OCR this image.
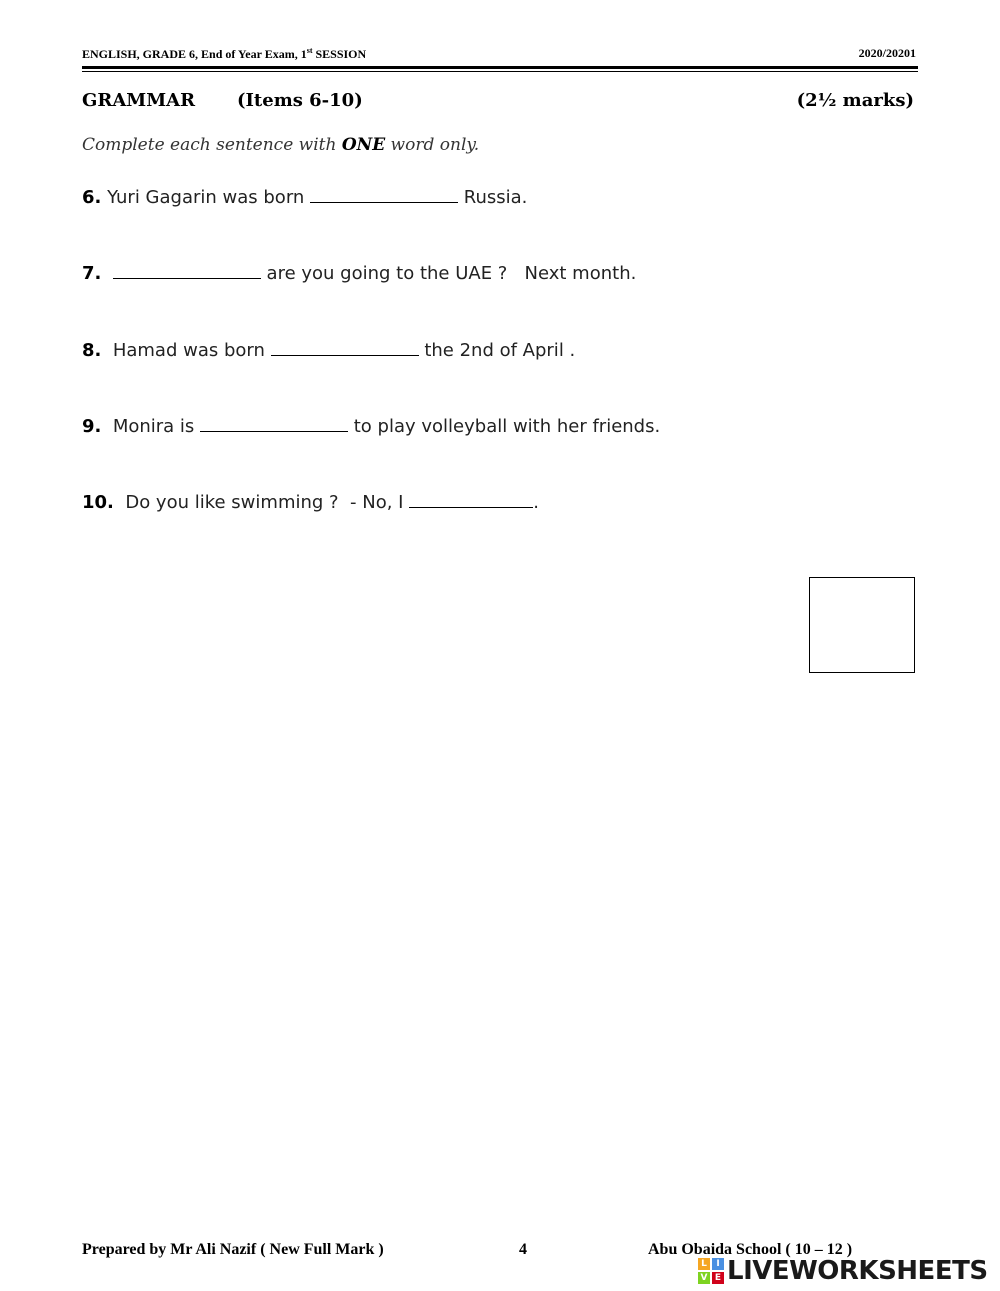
ENGLISH, GRADE 6, End of Year Exam, 1st SESSION	2020/20201
GRAMMAR (Items 6-10)	(2½ marks)
Complete each sentence with ONE word only.
6. Yuri Gagarin was born	Russia.
7.	are you going to the UAE ?   Next month.
8.  Hamad was born	the 2nd of April .
9.  Monira is	to play volleyball with her friends.
10.  Do you like swimming ?  - No, I	.
Prepared by Mr Ali Nazif ( New Full Mark )	4	Abu Obaida School ( 10 – 12 )
L	I
V E LIVEWORKSHEETS
